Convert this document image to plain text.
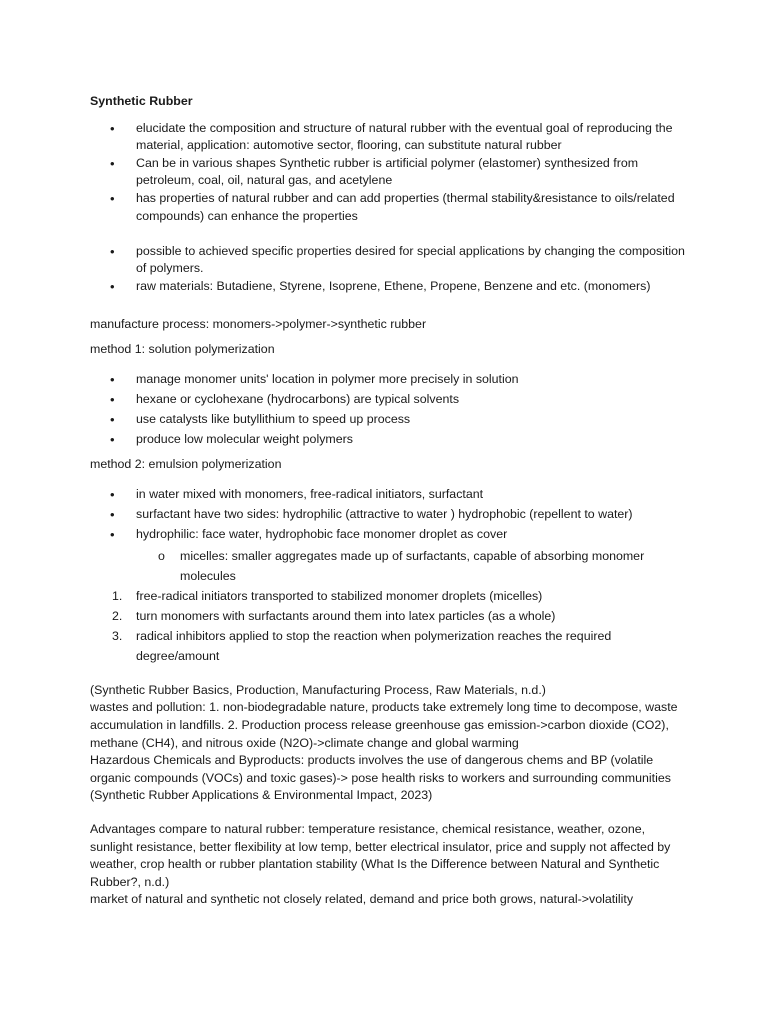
Synthetic Rubber
• elucidate the composition and structure of natural rubber with the eventual goal of reproducing the material, application: automotive sector, flooring, can substitute natural rubber
• Can be in various shapes Synthetic rubber is artificial polymer (elastomer) synthesized from petroleum, coal, oil, natural gas, and acetylene
• has properties of natural rubber and can add properties (thermal stability&resistance to oils/related compounds) can enhance the properties
• possible to achieved specific properties desired for special applications by changing the composition of polymers.
• raw materials: Butadiene, Styrene, Isoprene, Ethene, Propene, Benzene and etc. (monomers)

manufacture process: monomers->polymer->synthetic rubber

method 1: solution polymerization

• manage monomer units' location in polymer more precisely in solution
• hexane or cyclohexane (hydrocarbons) are typical solvents
• use catalysts like butyllithium to speed up process
• produce low molecular weight polymers

method 2: emulsion polymerization

• in water mixed with monomers, free-radical initiators, surfactant
• surfactant have two sides: hydrophilic (attractive to water ) hydrophobic (repellent to water)
• hydrophilic: face water, hydrophobic face monomer droplet as cover
o micelles: smaller aggregates made up of surfactants, capable of absorbing monomer molecules
1. free-radical initiators transported to stabilized monomer droplets (micelles)
2. turn monomers with surfactants around them into latex particles (as a whole)
3. radical inhibitors applied to stop the reaction when polymerization reaches the required degree/amount

(Synthetic Rubber Basics, Production, Manufacturing Process, Raw Materials, n.d.)

wastes and pollution: 1. non-biodegradable nature, products take extremely long time to decompose, waste accumulation in landfills. 2. Production process release greenhouse gas emission->carbon dioxide (CO2), methane (CH4), and nitrous oxide (N2O)->climate change and global warming

Hazardous Chemicals and Byproducts: products involves the use of dangerous chems and BP (volatile organic compounds (VOCs) and toxic gases)-> pose health risks to workers and surrounding communities (Synthetic Rubber Applications & Environmental Impact, 2023)

Advantages compare to natural rubber: temperature resistance, chemical resistance, weather, ozone, sunlight resistance, better flexibility at low temp, better electrical insulator, price and supply not affected by weather, crop health or rubber plantation stability (What Is the Difference between Natural and Synthetic Rubber?, n.d.)

market of natural and synthetic not closely related, demand and price both grows, natural->volatility
